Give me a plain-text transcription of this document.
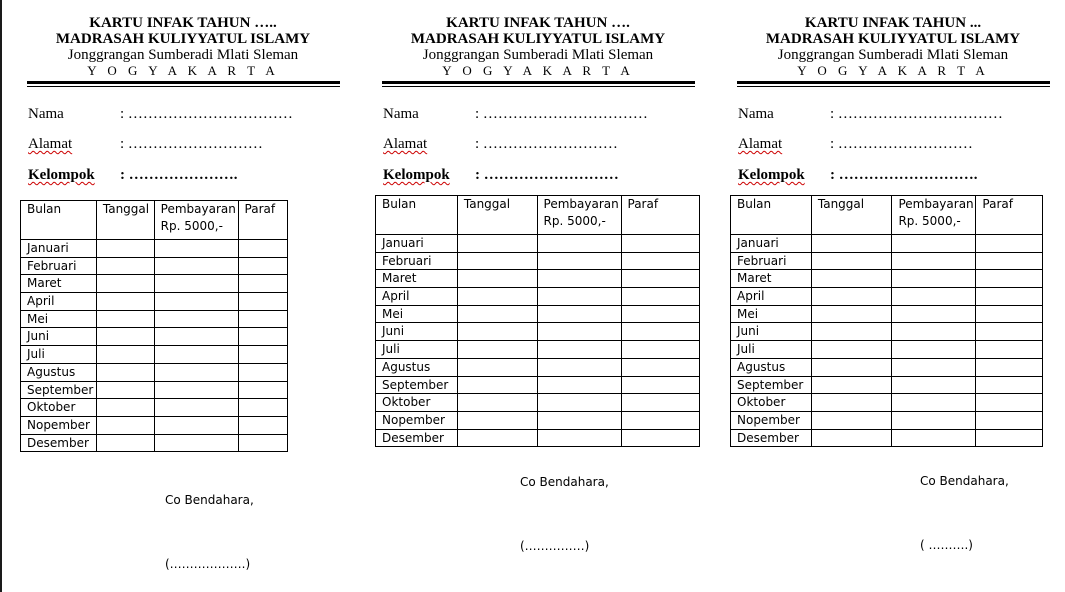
KARTU INFAK TAHUN …..
MADRASAH KULIYYATUL ISLAMY
Jonggrangan Sumberadi Mlati Sleman
Y O G Y A K A R T A
Nama	: ……………………………
Alamat	: ………………………
Kelompok : ………………….
Bulan	Tanggal	Pembayaran Rp. 5000,-	Paraf
Januari			
Februari			
Maret			
April			
Mei			
Juni			
Juli			
Agustus			
September			
Oktober			
Nopember			
Desember			
Co Bendahara,
(……………….)
KARTU INFAK TAHUN ….
MADRASAH KULIYYATUL ISLAMY
Jonggrangan Sumberadi Mlati Sleman
Y O G Y A K A R T A
Nama	: ……………………………
Alamat	: ………………………
Kelompok : ………………………
Bulan	Tanggal	Pembayaran Rp. 5000,-	Paraf
Januari			
Februari			
Maret			
April			
Mei			
Juni			
Juli			
Agustus			
September			
Oktober			
Nopember			
Desember			
Co Bendahara,
(……………)
KARTU INFAK TAHUN ...
MADRASAH KULIYYATUL ISLAMY
Jonggrangan Sumberadi Mlati Sleman
Y O G Y A K A R T A
Nama	: ……………………………
Alamat	: ………………………
Kelompok : ……………………….
Bulan	Tanggal	Pembayaran Rp. 5000,-	Paraf
Januari			
Februari			
Maret			
April			
Mei			
Juni			
Juli			
Agustus			
September			
Oktober			
Nopember			
Desember			
Co Bendahara,
( ……….)
